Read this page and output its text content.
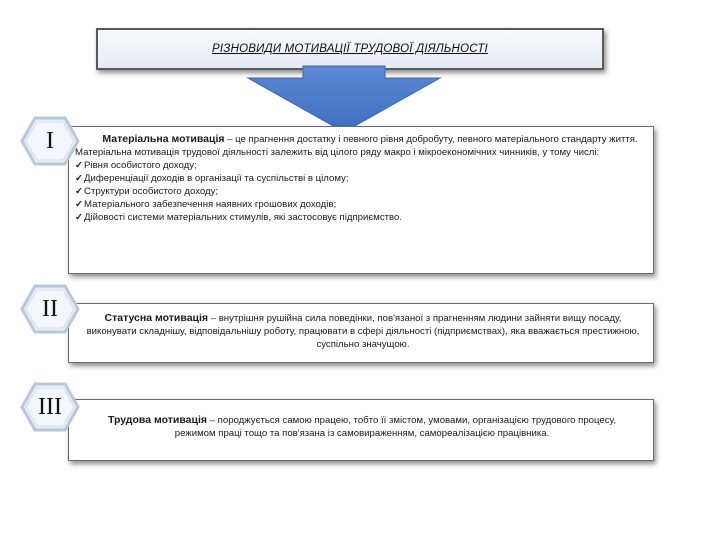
РІЗНОВИДИ МОТИВАЦІЇ ТРУДОВОЇ ДІЯЛЬНОСТІ
Матеріальна мотивація – це прагнення достатку і певного рівня добробуту, певного матеріального стандарту життя.
Матеріальна мотивація трудової діяльності залежить від цілого ряду макро і мікроекономічних чинників, у тому числі:
✓Рівня особистого доходу;
✓Диференціації доходів в організації та суспільстві в цілому;
✓Структури особистого доходу;
✓Матеріального забезпечення наявних грошових доходів;
✓Дійовості системи матеріальних стимулів, які застосовує підприємство.
Статусна мотивація – внутрішня рушійна сила поведінки, пов'язаної з прагненням людини зайняти вищу посаду, виконувати складнішу, відповідальнішу роботу, працювати в сфері діяльності (підприємствах), яка вважається престижною, суспільно значущою.
Трудова мотивація – породжується самою працею, тобто її змістом, умовами, організацією трудового процесу, режимом праці тощо та пов'язана із самовираженням, самореалізацією працівника.
I
II
III
